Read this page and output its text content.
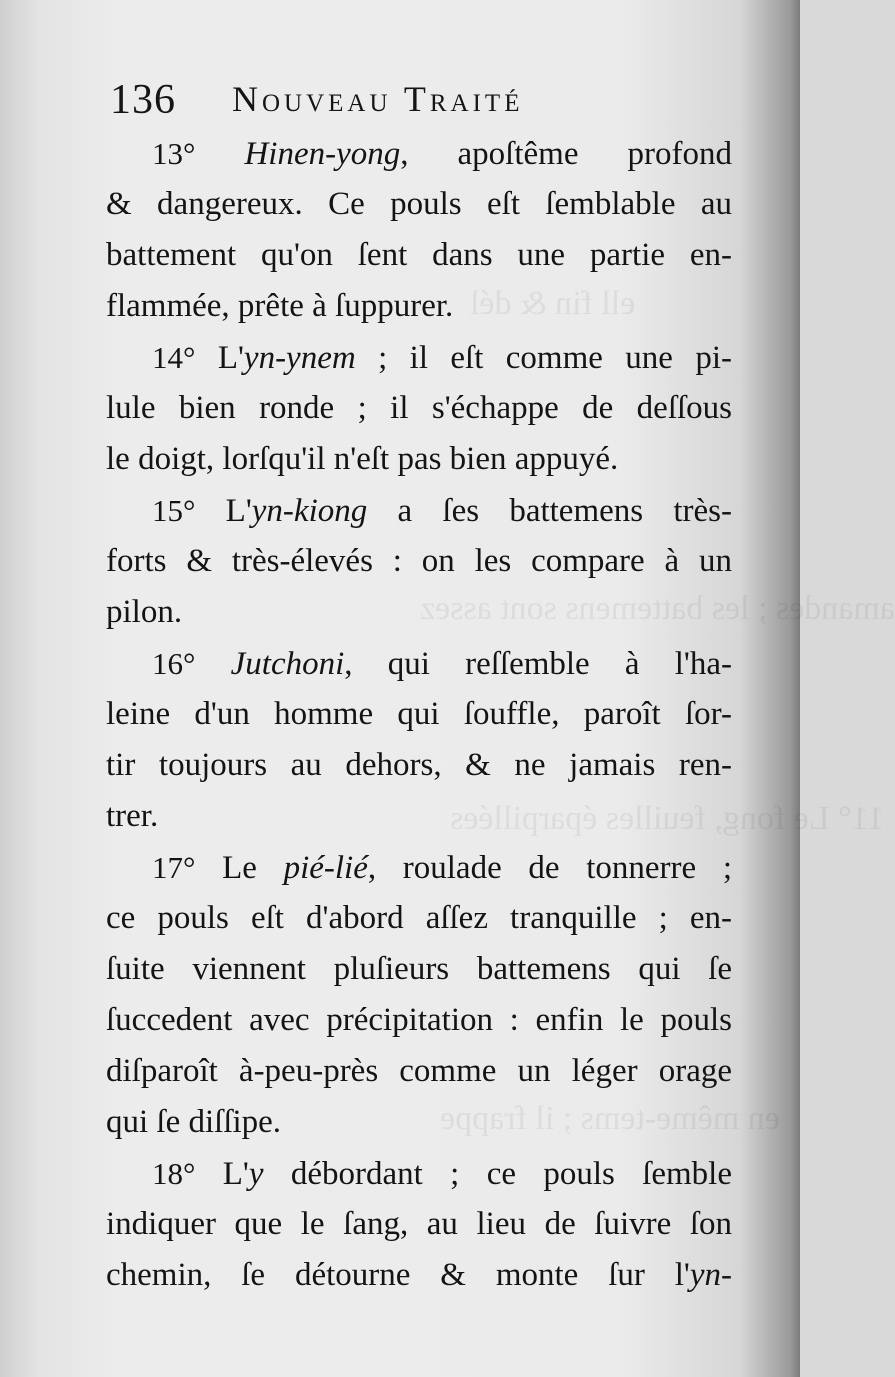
ell fin & dél
amandes ; les battemens sont assez
11° Le fong, feuilles éparpillées
en même-tems ; il frappe
136 Nouveau Traité
13° Hinen-yong, apoſtême profond
& dangereux. Ce pouls eſt ſemblable au
battement qu'on ſent dans une partie en-
flammée, prête à ſuppurer.
14° L'yn-ynem ; il eſt comme une pi-
lule bien ronde ; il s'échappe de deſſous
le doigt, lorſqu'il n'eſt pas bien appuyé.
15° L'yn-kiong a ſes battemens très-
forts & très-élevés : on les compare à un
pilon.
16° Jutchoni, qui reſſemble à l'ha-
leine d'un homme qui ſouffle, paroît ſor-
tir toujours au dehors, & ne jamais ren-
trer.
17° Le pié-lié, roulade de tonnerre ;
ce pouls eſt d'abord aſſez tranquille ; en-
ſuite viennent pluſieurs battemens qui ſe
ſuccedent avec précipitation : enfin le pouls
diſparoît à-peu-près comme un léger orage
qui ſe diſſipe.
18° L'y débordant ; ce pouls ſemble
indiquer que le ſang, au lieu de ſuivre ſon
chemin, ſe détourne & monte ſur l'yn-
